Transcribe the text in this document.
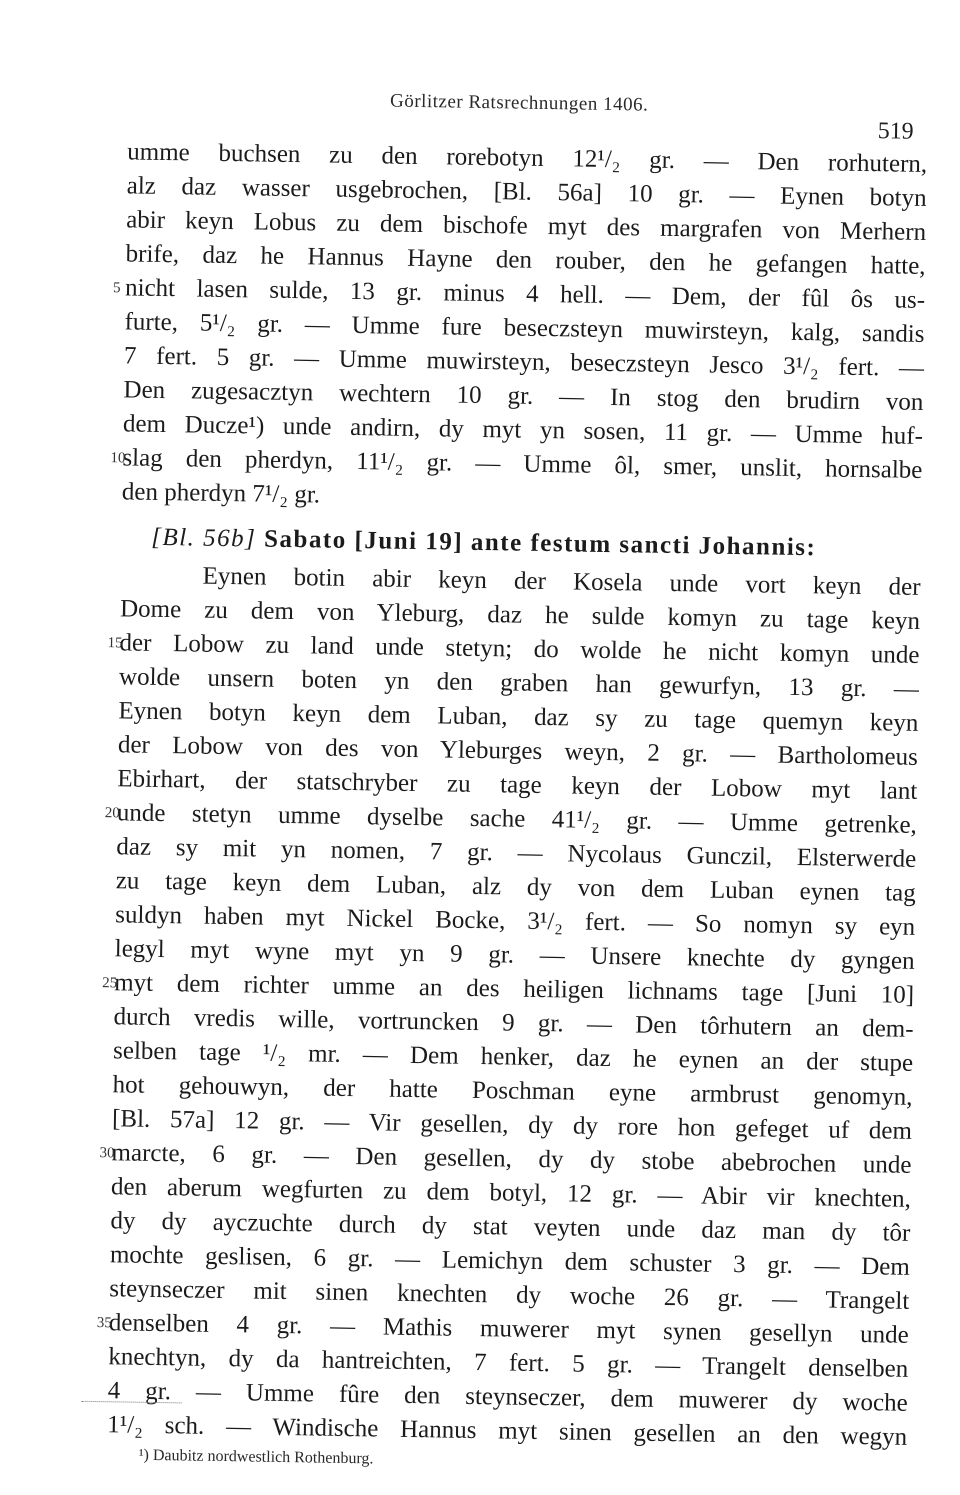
Görlitzer Ratsrechnungen 1406.
519
umme buchsen zu den rorebotyn 12¹/₂ gr. — Den rorhutern,
alz daz wasser usgebrochen, [Bl. 56a] 10 gr. — Eynen botyn
abir keyn Lobus zu dem bischofe myt des margrafen von Merhern
brife, daz he Hannus Hayne den rouber, den he gefangen hatte,
nicht lasen sulde, 13 gr. minus 4 hell. — Dem, der fûl ôs us-
5
furte, 5¹/₂ gr. — Umme fure beseczsteyn muwirsteyn, kalg, sandis
7 fert. 5 gr. — Umme muwirsteyn, beseczsteyn Jesco 3¹/₂ fert. —
Den zugesacztyn wechtern 10 gr. — In stog den brudirn von
dem Ducze¹) unde andirn, dy myt yn sosen, 11 gr. — Umme huf-
slag den pherdyn, 11¹/₂ gr. — Umme ôl, smer, unslit, hornsalbe
10
den pherdyn 7¹/₂ gr.
[Bl. 56b] Sabato [Juni 19] ante festum sancti Johannis:
Eynen botin abir keyn der Kosela unde vort keyn der
Dome zu dem von Yleburg, daz he sulde komyn zu tage keyn
der Lobow zu land unde stetyn; do wolde he nicht komyn unde
15
wolde unsern boten yn den graben han gewurfyn, 13 gr. —
Eynen botyn keyn dem Luban, daz sy zu tage quemyn keyn
der Lobow von des von Yleburges weyn, 2 gr. — Bartholomeus
Ebirhart, der statschryber zu tage keyn der Lobow myt lant
unde stetyn umme dyselbe sache 41¹/₂ gr. — Umme getrenke,
20
daz sy mit yn nomen, 7 gr. — Nycolaus Gunczil, Elsterwerde
zu tage keyn dem Luban, alz dy von dem Luban eynen tag
suldyn haben myt Nickel Bocke, 3¹/₂ fert. — So nomyn sy eyn
legyl myt wyne myt yn 9 gr. — Unsere knechte dy gyngen
myt dem richter umme an des heiligen lichnams tage [Juni 10]
25
durch vredis wille, vortruncken 9 gr. — Den tôrhutern an dem-
selben tage ¹/₂ mr. — Dem henker, daz he eynen an der stupe
hot gehouwyn, der hatte Poschman eyne armbrust genomyn,
[Bl. 57a] 12 gr. — Vir gesellen, dy dy rore hon gefeget uf dem
marcte, 6 gr. — Den gesellen, dy dy stobe abebrochen unde
30
den aberum wegfurten zu dem botyl, 12 gr. — Abir vir knechten,
dy dy ayczuchte durch dy stat veyten unde daz man dy tôr
mochte geslisen, 6 gr. — Lemichyn dem schuster 3 gr. — Dem
steynseczer mit sinen knechten dy woche 26 gr. — Trangelt
denselben 4 gr. — Mathis muwerer myt synen gesellyn unde
35
knechtyn, dy da hantreichten, 7 fert. 5 gr. — Trangelt denselben
4 gr. — Umme fûre den steynseczer, dem muwerer dy woche
1¹/₂ sch. — Windische Hannus myt sinen gesellen an den wegyn
¹) Daubitz nordwestlich Rothenburg.
